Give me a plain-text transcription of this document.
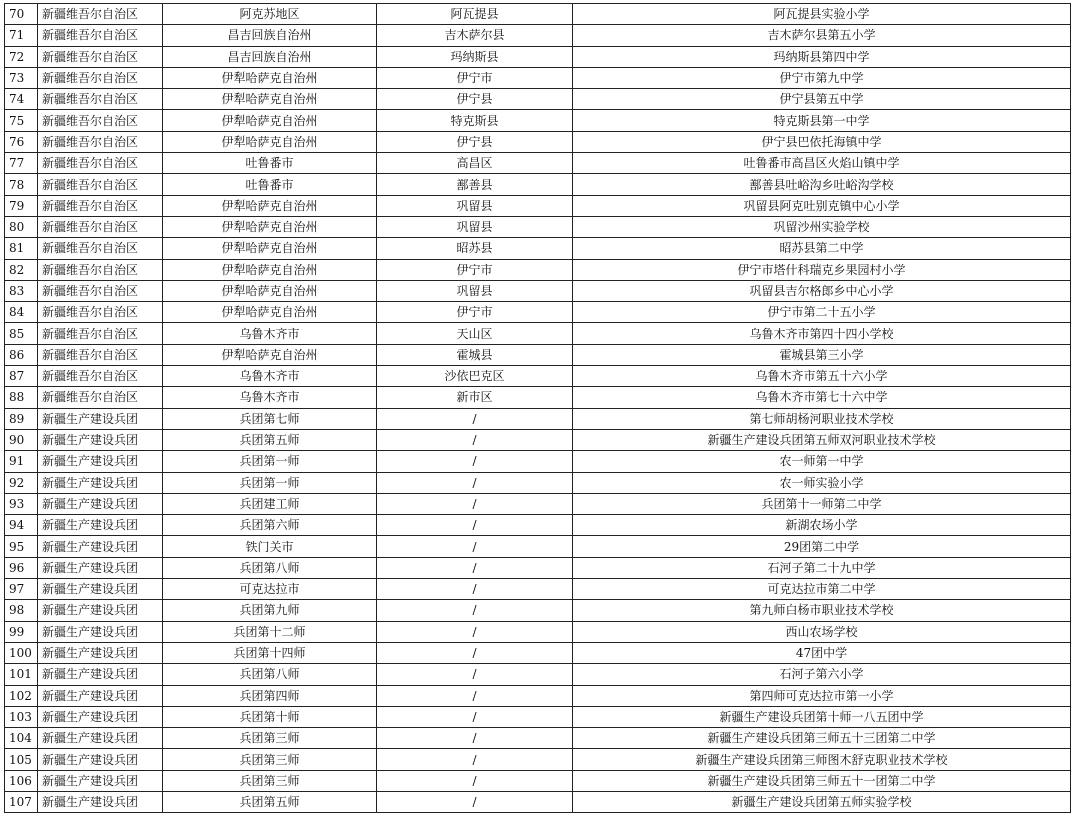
70	新疆维吾尔自治区	阿克苏地区	阿瓦提县	阿瓦提县实验小学
71	新疆维吾尔自治区	昌吉回族自治州	吉木萨尔县	吉木萨尔县第五小学
72	新疆维吾尔自治区	昌吉回族自治州	玛纳斯县	玛纳斯县第四中学
73	新疆维吾尔自治区	伊犁哈萨克自治州	伊宁市	伊宁市第九中学
74	新疆维吾尔自治区	伊犁哈萨克自治州	伊宁县	伊宁县第五中学
75	新疆维吾尔自治区	伊犁哈萨克自治州	特克斯县	特克斯县第一中学
76	新疆维吾尔自治区	伊犁哈萨克自治州	伊宁县	伊宁县巴依托海镇中学
77	新疆维吾尔自治区	吐鲁番市	高昌区	吐鲁番市高昌区火焰山镇中学
78	新疆维吾尔自治区	吐鲁番市	鄯善县	鄯善县吐峪沟乡吐峪沟学校
79	新疆维吾尔自治区	伊犁哈萨克自治州	巩留县	巩留县阿克吐别克镇中心小学
80	新疆维吾尔自治区	伊犁哈萨克自治州	巩留县	巩留沙州实验学校
81	新疆维吾尔自治区	伊犁哈萨克自治州	昭苏县	昭苏县第二中学
82	新疆维吾尔自治区	伊犁哈萨克自治州	伊宁市	伊宁市塔什科瑞克乡果园村小学
83	新疆维吾尔自治区	伊犁哈萨克自治州	巩留县	巩留县吉尔格郎乡中心小学
84	新疆维吾尔自治区	伊犁哈萨克自治州	伊宁市	伊宁市第二十五小学
85	新疆维吾尔自治区	乌鲁木齐市	天山区	乌鲁木齐市第四十四小学校
86	新疆维吾尔自治区	伊犁哈萨克自治州	霍城县	霍城县第三小学
87	新疆维吾尔自治区	乌鲁木齐市	沙依巴克区	乌鲁木齐市第五十六小学
88	新疆维吾尔自治区	乌鲁木齐市	新市区	乌鲁木齐市第七十六中学
89	新疆生产建设兵团	兵团第七师	/	第七师胡杨河职业技术学校
90	新疆生产建设兵团	兵团第五师	/	新疆生产建设兵团第五师双河职业技术学校
91	新疆生产建设兵团	兵团第一师	/	农一师第一中学
92	新疆生产建设兵团	兵团第一师	/	农一师实验小学
93	新疆生产建设兵团	兵团建工师	/	兵团第十一师第二中学
94	新疆生产建设兵团	兵团第六师	/	新湖农场小学
95	新疆生产建设兵团	铁门关市	/	29团第二中学
96	新疆生产建设兵团	兵团第八师	/	石河子第二十九中学
97	新疆生产建设兵团	可克达拉市	/	可克达拉市第二中学
98	新疆生产建设兵团	兵团第九师	/	第九师白杨市职业技术学校
99	新疆生产建设兵团	兵团第十二师	/	西山农场学校
100	新疆生产建设兵团	兵团第十四师	/	47团中学
101	新疆生产建设兵团	兵团第八师	/	石河子第六小学
102	新疆生产建设兵团	兵团第四师	/	第四师可克达拉市第一小学
103	新疆生产建设兵团	兵团第十师	/	新疆生产建设兵团第十师一八五团中学
104	新疆生产建设兵团	兵团第三师	/	新疆生产建设兵团第三师五十三团第二中学
105	新疆生产建设兵团	兵团第三师	/	新疆生产建设兵团第三师图木舒克职业技术学校
106	新疆生产建设兵团	兵团第三师	/	新疆生产建设兵团第三师五十一团第二中学
107	新疆生产建设兵团	兵团第五师	/	新疆生产建设兵团第五师实验学校
